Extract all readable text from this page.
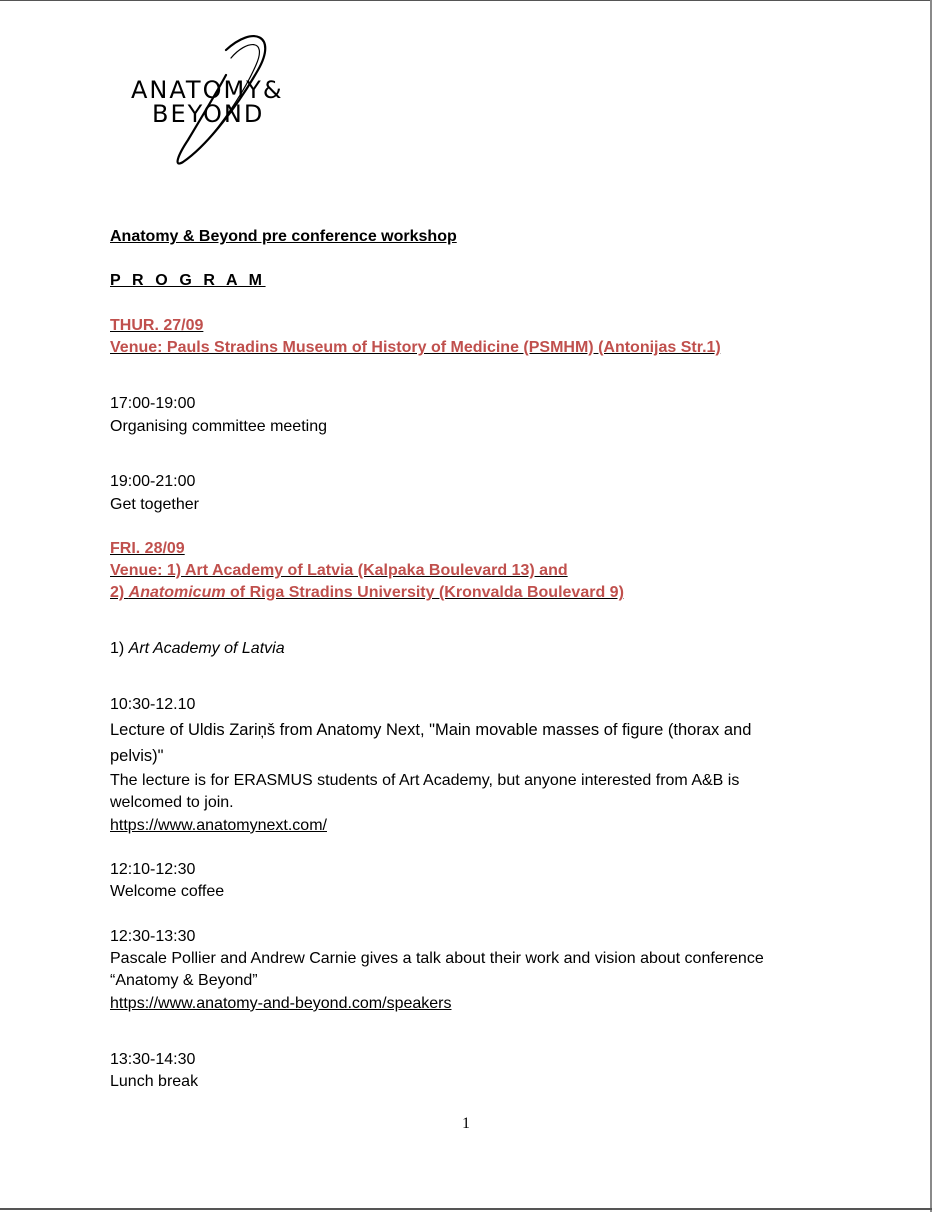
ANATOMY&
BEYOND
Anatomy & Beyond pre conference workshop
P R O G R A M
THUR. 27/09
Venue: Pauls Stradins Museum of History of Medicine (PSMHM) (Antonijas Str.1)
17:00-19:00
Organising committee meeting
19:00-21:00
Get together
FRI. 28/09
Venue: 1) Art Academy of Latvia (Kalpaka Boulevard 13) and
2) Anatomicum of Riga Stradins University (Kronvalda Boulevard 9)
1) Art Academy of Latvia
10:30-12.10
Lecture of Uldis Zariņš from Anatomy Next, "Main movable masses of figure (thorax and
pelvis)"
The lecture is for ERASMUS students of Art Academy, but anyone interested from A&B is
welcomed to join.
https://www.anatomynext.com/
12:10-12:30
Welcome coffee
12:30-13:30
Pascale Pollier and Andrew Carnie gives a talk about their work and vision about conference
“Anatomy & Beyond”
https://www.anatomy-and-beyond.com/speakers
13:30-14:30
Lunch break
1
